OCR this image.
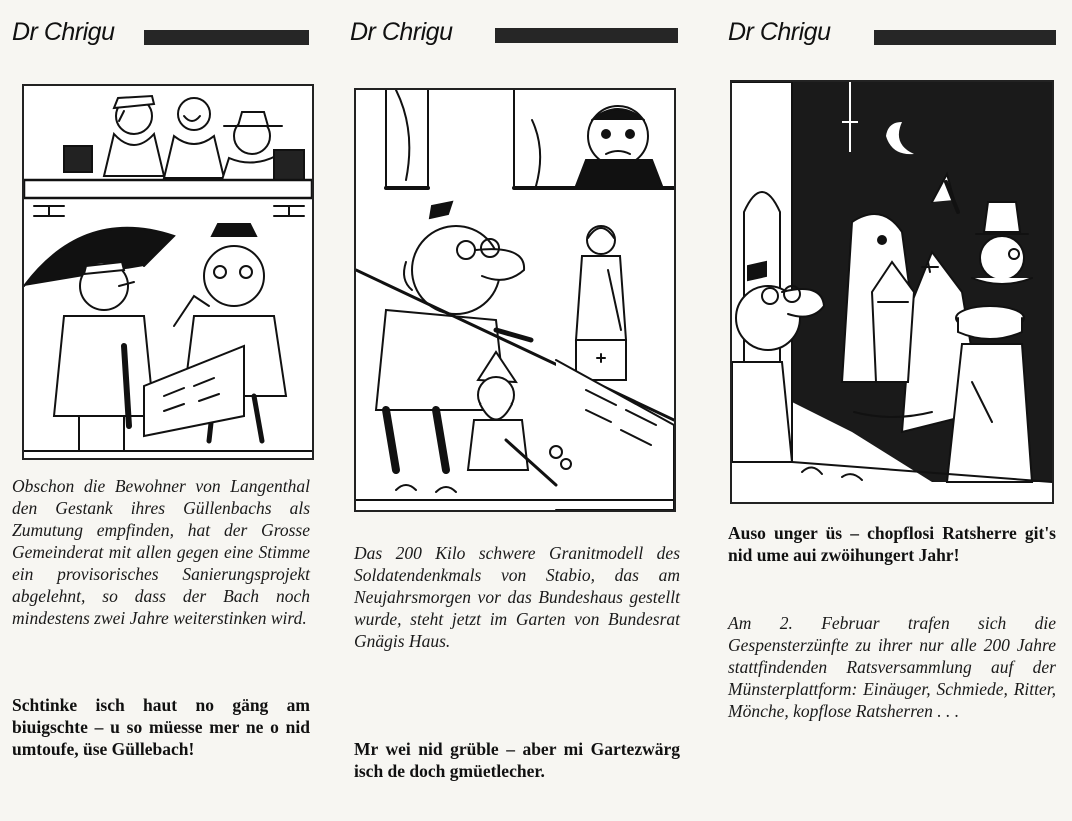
Dr Chrigu

Obschon die Bewohner von Langenthal den Gestank ihres Güllenbachs als Zumutung empfinden, hat der Grosse Gemeinderat mit allen gegen eine Stimme ein provisorisches Sanierungsprojekt abgelehnt, so dass der Bach noch mindestens zwei Jahre weiterstinken wird.

Schtinke isch haut no gäng am biuigschte – u so müesse mer ne o nid umtoufe, üse Güllebach!

Dr Chrigu

Das 200 Kilo schwere Granitmodell des Soldatendenkmals von Stabio, das am Neujahrsmorgen vor das Bundeshaus gestellt wurde, steht jetzt im Garten von Bundesrat Gnägis Haus.

Mr wei nid grüble – aber mi Gartezwärg isch de doch gmüetlecher.

Dr Chrigu

Auso unger üs – chopflosi Ratsherre git's nid ume aui zwöihungert Jahr!

Am 2. Februar trafen sich die Gespensterzünfte zu ihrer nur alle 200 Jahre stattfindenden Ratsversammlung auf der Münsterplattform: Einäuger, Schmiede, Ritter, Mönche, kopflose Ratsherren . . .
